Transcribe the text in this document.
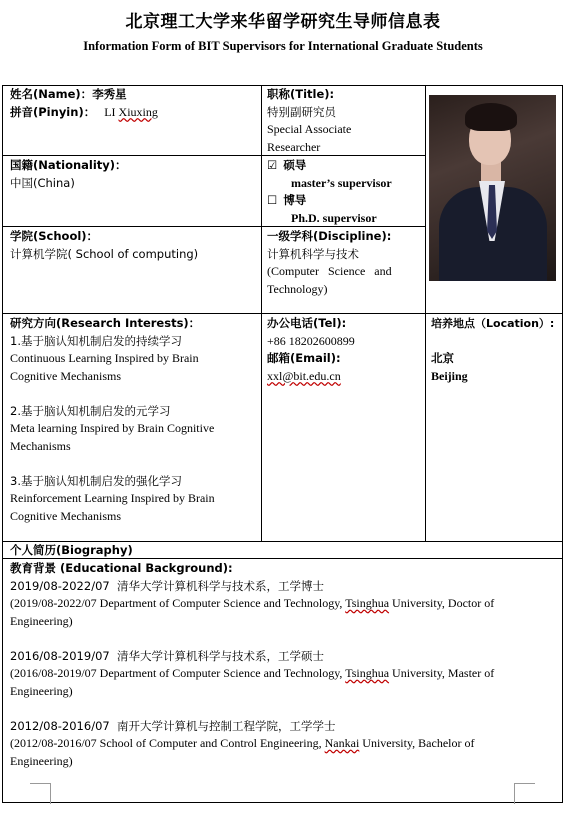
北京理工大学来华留学研究生导师信息表
Information Form of BIT Supervisors for International Graduate Students
姓名(Name)：李秀星
拼音(Pinyin)： LI Xiuxing
职称(Title):
特别副研究员
Special Associate
Researcher
国籍(Nationality)：
中国(China)
☑ 硕导
master’s supervisor
☐ 博导
Ph.D. supervisor
学院(School)：
计算机学院( School of computing)
一级学科(Discipline):
计算机科学与技术
(Computer   Science   and
Technology)
研究方向(Research Interests)：
1.基于脑认知机制启发的持续学习
Continuous Learning Inspired by Brain
Cognitive Mechanisms

2.基于脑认知机制启发的元学习
Meta learning Inspired by Brain Cognitive
Mechanisms

3.基于脑认知机制启发的强化学习
Reinforcement Learning Inspired by Brain
Cognitive Mechanisms
办公电话(Tel):
+86 18202600899
邮箱(Email):
xxl@bit.edu.cn
培养地点（Location）:

北京
Beijing
个人简历(Biography)
教育背景 (Educational Background):
2019/08-2022/07  清华大学计算机科学与技术系，工学博士
(2019/08-2022/07 Department of Computer Science and Technology, Tsinghua University, Doctor of
Engineering)

2016/08-2019/07  清华大学计算机科学与技术系，工学硕士
(2016/08-2019/07 Department of Computer Science and Technology, Tsinghua University, Master of
Engineering)

2012/08-2016/07  南开大学计算机与控制工程学院，工学学士
(2012/08-2016/07 School of Computer and Control Engineering, Nankai University, Bachelor of
Engineering)
